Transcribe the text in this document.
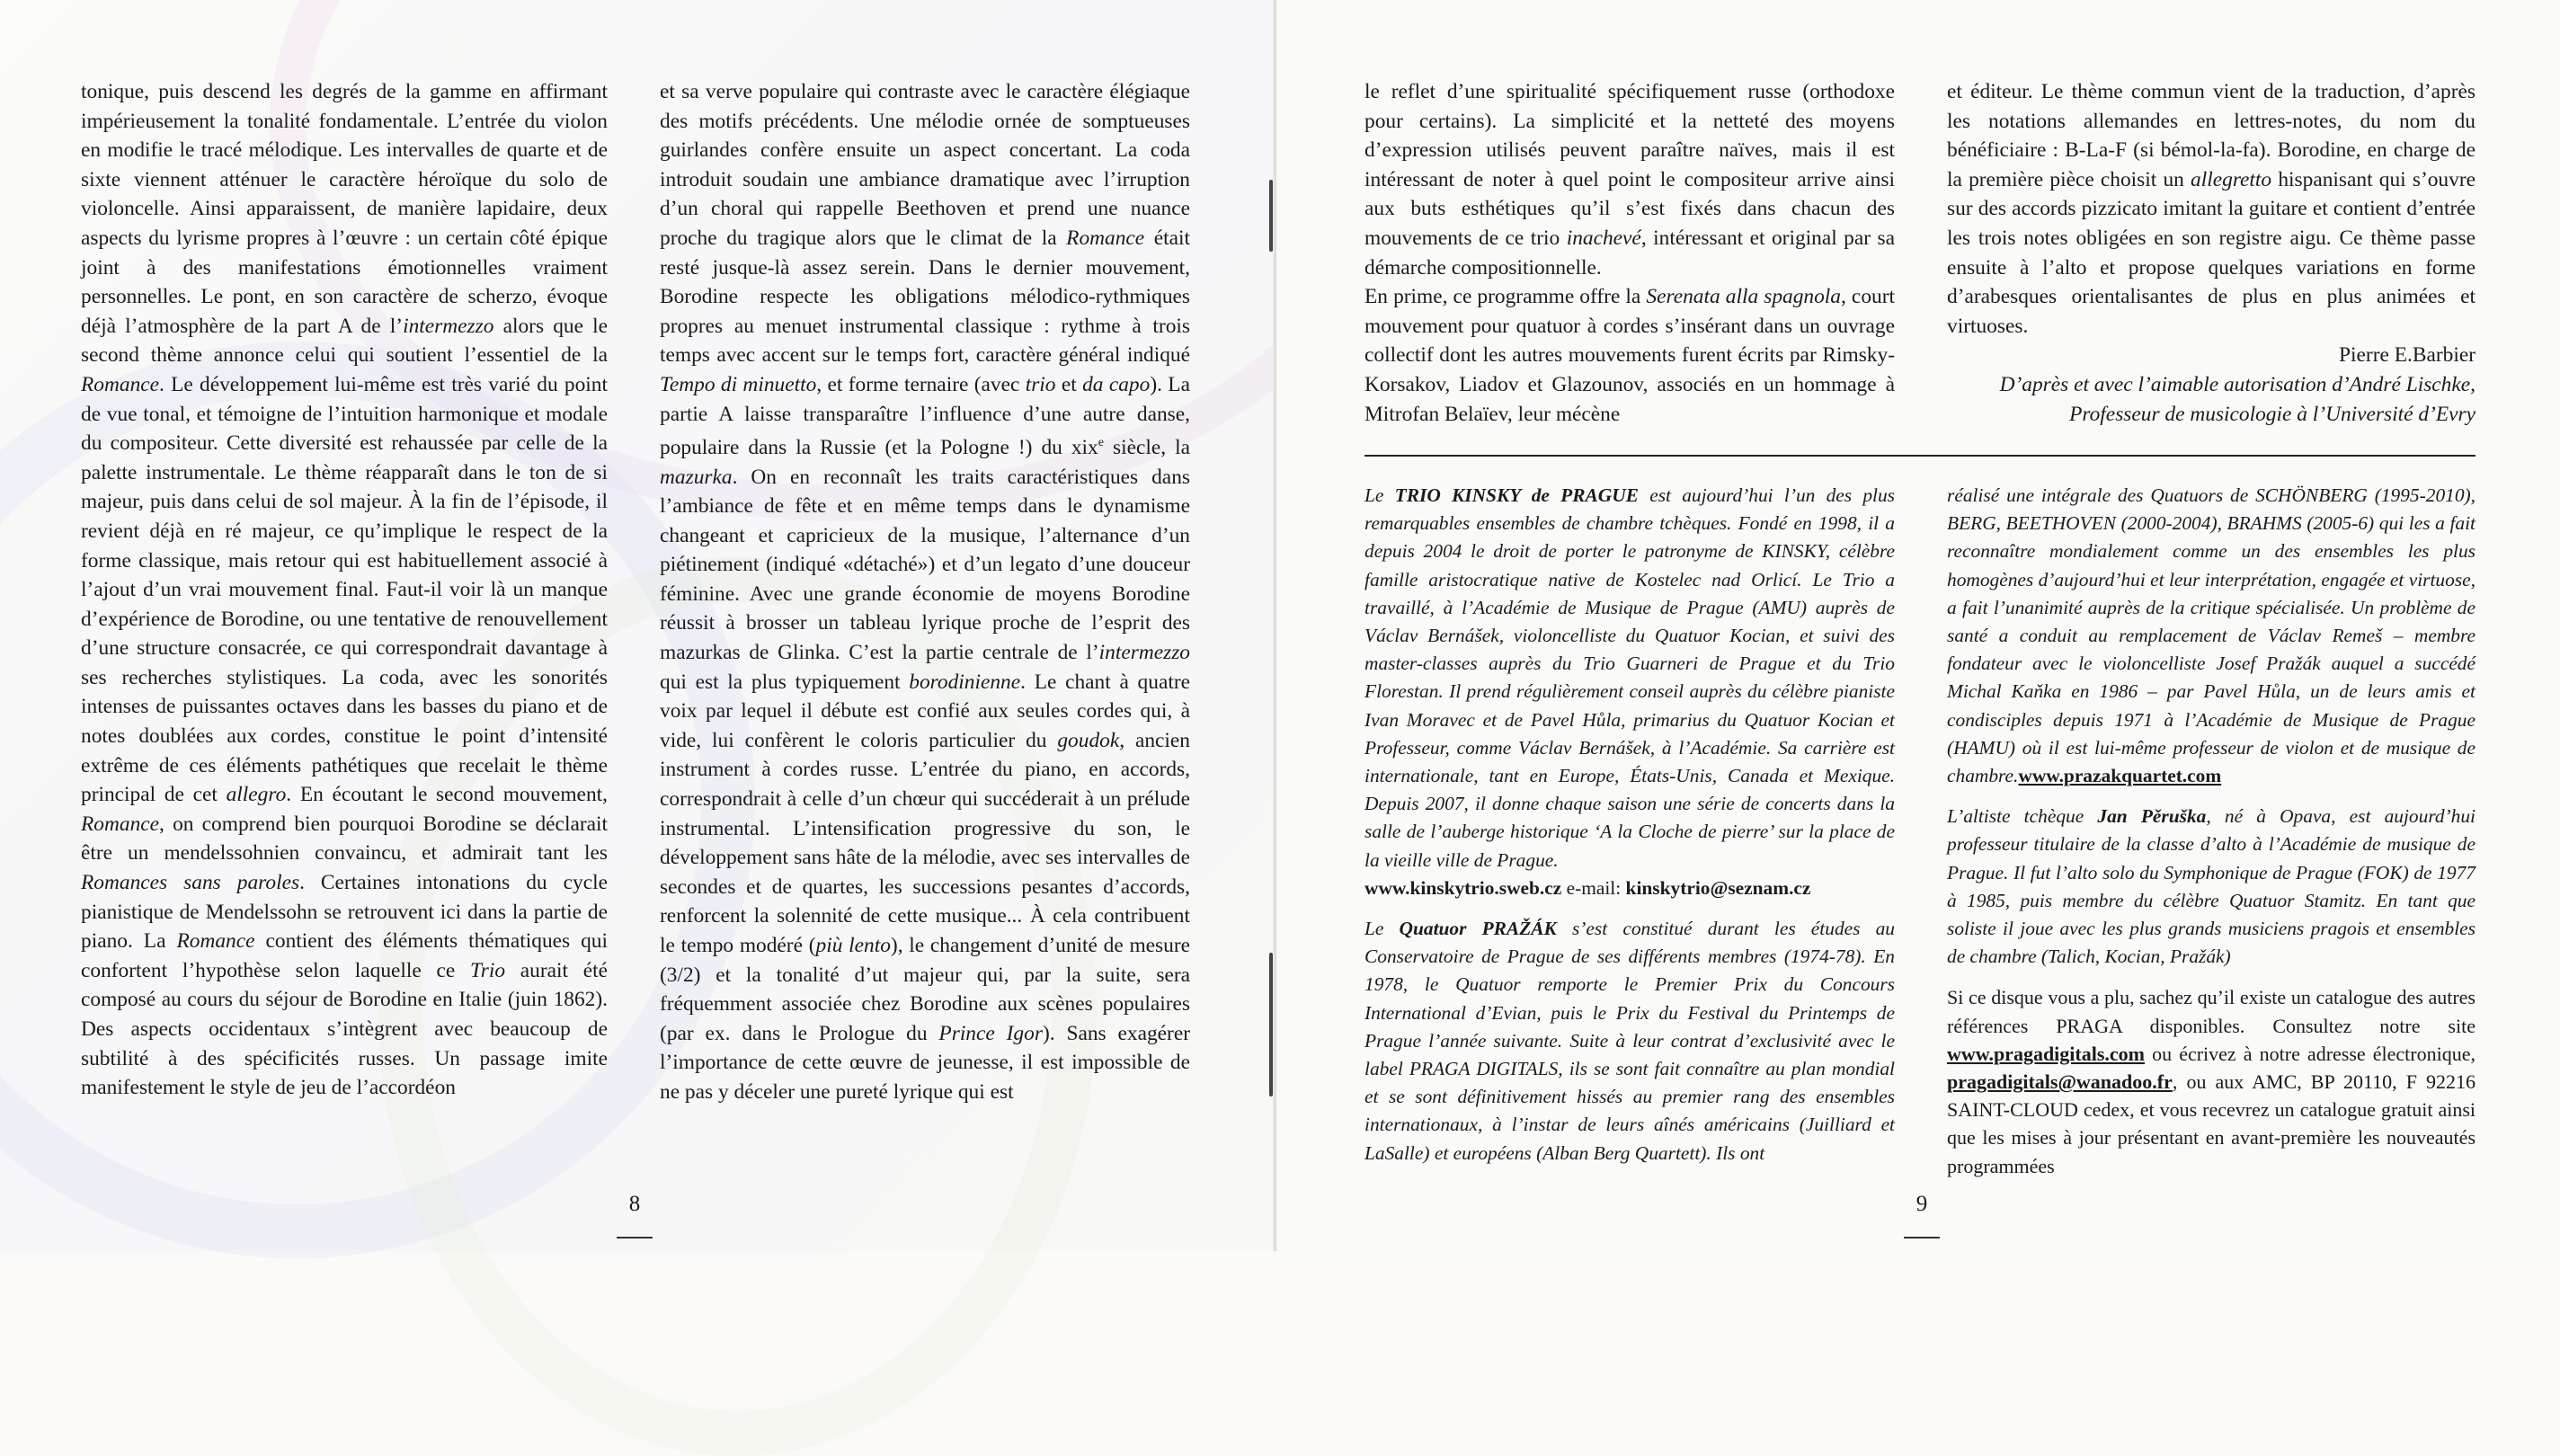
tonique, puis descend les degrés de la gamme en affirmant impérieusement la tonalité fondamentale. L’entrée du violon en modifie le tracé mélodique. Les intervalles de quarte et de sixte viennent atténuer le caractère héroïque du solo de violoncelle. Ainsi apparaissent, de manière lapidaire, deux aspects du lyrisme propres à l’œuvre : un certain côté épique joint à des manifestations émotionnelles vraiment personnelles. Le pont, en son caractère de scherzo, évoque déjà l’atmosphère de la part A de l’intermezzo alors que le second thème annonce celui qui soutient l’essentiel de la Romance. Le développement lui-même est très varié du point de vue tonal, et témoigne de l’intuition harmonique et modale du compositeur. Cette diversité est rehaussée par celle de la palette instrumentale. Le thème réapparaît dans le ton de si majeur, puis dans celui de sol majeur. À la fin de l’épisode, il revient déjà en ré majeur, ce qu’implique le respect de la forme classique, mais retour qui est habituellement associé à l’ajout d’un vrai mouvement final. Faut-il voir là un manque d’expérience de Borodine, ou une tentative de renouvellement d’une structure consacrée, ce qui correspondrait davantage à ses recherches stylistiques. La coda, avec les sonorités intenses de puissantes octaves dans les basses du piano et de notes doublées aux cordes, constitue le point d’intensité extrême de ces éléments pathétiques que recelait le thème principal de cet allegro. En écoutant le second mouvement, Romance, on comprend bien pourquoi Borodine se déclarait être un mendelssohnien convaincu, et admirait tant les Romances sans paroles. Certaines intonations du cycle pianistique de Mendelssohn se retrouvent ici dans la partie de piano. La Romance contient des éléments thématiques qui confortent l’hypothèse selon laquelle ce Trio aurait été composé au cours du séjour de Borodine en Italie (juin 1862). Des aspects occidentaux s’intègrent avec beaucoup de subtilité à des spécificités russes. Un passage imite manifestement le style de jeu de l’accordéon

et sa verve populaire qui contraste avec le caractère élégiaque des motifs précédents. Une mélodie ornée de somptueuses guirlandes confère ensuite un aspect concertant. La coda introduit soudain une ambiance dramatique avec l’irruption d’un choral qui rappelle Beethoven et prend une nuance proche du tragique alors que le climat de la Romance était resté jusque-là assez serein. Dans le dernier mouvement, Borodine respecte les obligations mélodico-rythmiques propres au menuet instrumental classique : rythme à trois temps avec accent sur le temps fort, caractère général indiqué Tempo di minuetto, et forme ternaire (avec trio et da capo). La partie A laisse transparaître l’influence d’une autre danse, populaire dans la Russie (et la Pologne !) du xix$^e$ siècle, la mazurka. On en reconnaît les traits caractéristiques dans l’ambiance de fête et en même temps dans le dynamisme changeant et capricieux de la musique, l’alternance d’un piétinement (indiqué «détaché») et d’un legato d’une douceur féminine. Avec une grande économie de moyens Borodine réussit à brosser un tableau lyrique proche de l’esprit des mazurkas de Glinka. C’est la partie centrale de l’intermezzo qui est la plus typiquement borodinienne. Le chant à quatre voix par lequel il débute est confié aux seules cordes qui, à vide, lui confèrent le coloris particulier du goudok, ancien instrument à cordes russe. L’entrée du piano, en accords, correspondrait à celle d’un chœur qui succéderait à un prélude instrumental. L’intensification progressive du son, le développement sans hâte de la mélodie, avec ses intervalles de secondes et de quartes, les successions pesantes d’accords, renforcent la solennité de cette musique... À cela contribuent le tempo modéré (più lento), le changement d’unité de mesure (3/2) et la tonalité d’ut majeur qui, par la suite, sera fréquemment associée chez Borodine aux scènes populaires (par ex. dans le Prologue du Prince Igor). Sans exagérer l’importance de cette œuvre de jeunesse, il est impossible de ne pas y déceler une pureté lyrique qui est

8

le reflet d’une spiritualité spécifiquement russe (orthodoxe pour certains). La simplicité et la netteté des moyens d’expression utilisés peuvent paraître naïves, mais il est intéressant de noter à quel point le compositeur arrive ainsi aux buts esthétiques qu’il s’est fixés dans chacun des mouvements de ce trio inachevé, intéressant et original par sa démarche compositionnelle.

En prime, ce programme offre la Serenata alla spagnola, court mouvement pour quatuor à cordes s’insérant dans un ouvrage collectif dont les autres mouvements furent écrits par Rimsky-Korsakov, Liadov et Glazounov, associés en un hommage à Mitrofan Belaïev, leur mécène

et éditeur. Le thème commun vient de la traduction, d’après les notations allemandes en lettres-notes, du nom du bénéficiaire : B-La-F (si bémol-la-fa). Borodine, en charge de la première pièce choisit un allegretto hispanisant qui s’ouvre sur des accords pizzicato imitant la guitare et contient d’entrée les trois notes obligées en son registre aigu. Ce thème passe ensuite à l’alto et propose quelques variations en forme d’arabesques orientalisantes de plus en plus animées et virtuoses.

Pierre E.Barbier
D’après et avec l’aimable autorisation d’André Lischke,
Professeur de musicologie à l’Université d’Evry

Le TRIO KINSKY de PRAGUE est aujourd’hui l’un des plus remarquables ensembles de chambre tchèques. Fondé en 1998, il a depuis 2004 le droit de porter le patronyme de KINSKY, célèbre famille aristocratique native de Kostelec nad Orlicí. Le Trio a travaillé, à l’Académie de Musique de Prague (AMU) auprès de Václav Bernášek, violoncelliste du Quatuor Kocian, et suivi des master-classes auprès du Trio Guarneri de Prague et du Trio Florestan. Il prend régulièrement conseil auprès du célèbre pianiste Ivan Moravec et de Pavel Hůla, primarius du Quatuor Kocian et Professeur, comme Václav Bernášek, à l’Académie. Sa carrière est internationale, tant en Europe, États-Unis, Canada et Mexique. Depuis 2007, il donne chaque saison une série de concerts dans la salle de l’auberge historique ‘A la Cloche de pierre’ sur la place de la vieille ville de Prague.
www.kinskytrio.sweb.cz e-mail: kinskytrio@seznam.cz

Le Quatuor PRAŽÁK s’est constitué durant les études au Conservatoire de Prague de ses différents membres (1974-78). En 1978, le Quatuor remporte le Premier Prix du Concours International d’Evian, puis le Prix du Festival du Printemps de Prague l’année suivante. Suite à leur contrat d’exclusivité avec le label PRAGA DIGITALS, ils se sont fait connaître au plan mondial et se sont définitivement hissés au premier rang des ensembles internationaux, à l’instar de leurs aînés américains (Juilliard et LaSalle) et européens (Alban Berg Quartett). Ils ont

réalisé une intégrale des Quatuors de SCHÖNBERG (1995-2010), BERG, BEETHOVEN (2000-2004), BRAHMS (2005-6) qui les a fait reconnaître mondialement comme un des ensembles les plus homogènes d’aujourd’hui et leur interprétation, engagée et virtuose, a fait l’unanimité auprès de la critique spécialisée. Un problème de santé a conduit au remplacement de Václav Remeš – membre fondateur avec le violoncelliste Josef Pražák auquel a succédé Michal Kaňka en 1986 – par Pavel Hůla, un de leurs amis et condisciples depuis 1971 à l’Académie de Musique de Prague (HAMU) où il est lui-même professeur de violon et de musique de chambre.www.prazakquartet.com

L’altiste tchèque Jan Pěruška, né à Opava, est aujourd’hui professeur titulaire de la classe d’alto à l’Académie de musique de Prague. Il fut l’alto solo du Symphonique de Prague (FOK) de 1977 à 1985, puis membre du célèbre Quatuor Stamitz. En tant que soliste il joue avec les plus grands musiciens pragois et ensembles de chambre (Talich, Kocian, Pražák)

Si ce disque vous a plu, sachez qu’il existe un catalogue des autres références PRAGA disponibles. Consultez notre site www.pragadigitals.com ou écrivez à notre adresse électronique, pragadigitals@wanadoo.fr, ou aux AMC, BP 20110, F 92216 SAINT-CLOUD cedex, et vous recevrez un catalogue gratuit ainsi que les mises à jour présentant en avant-première les nouveautés programmées

9
